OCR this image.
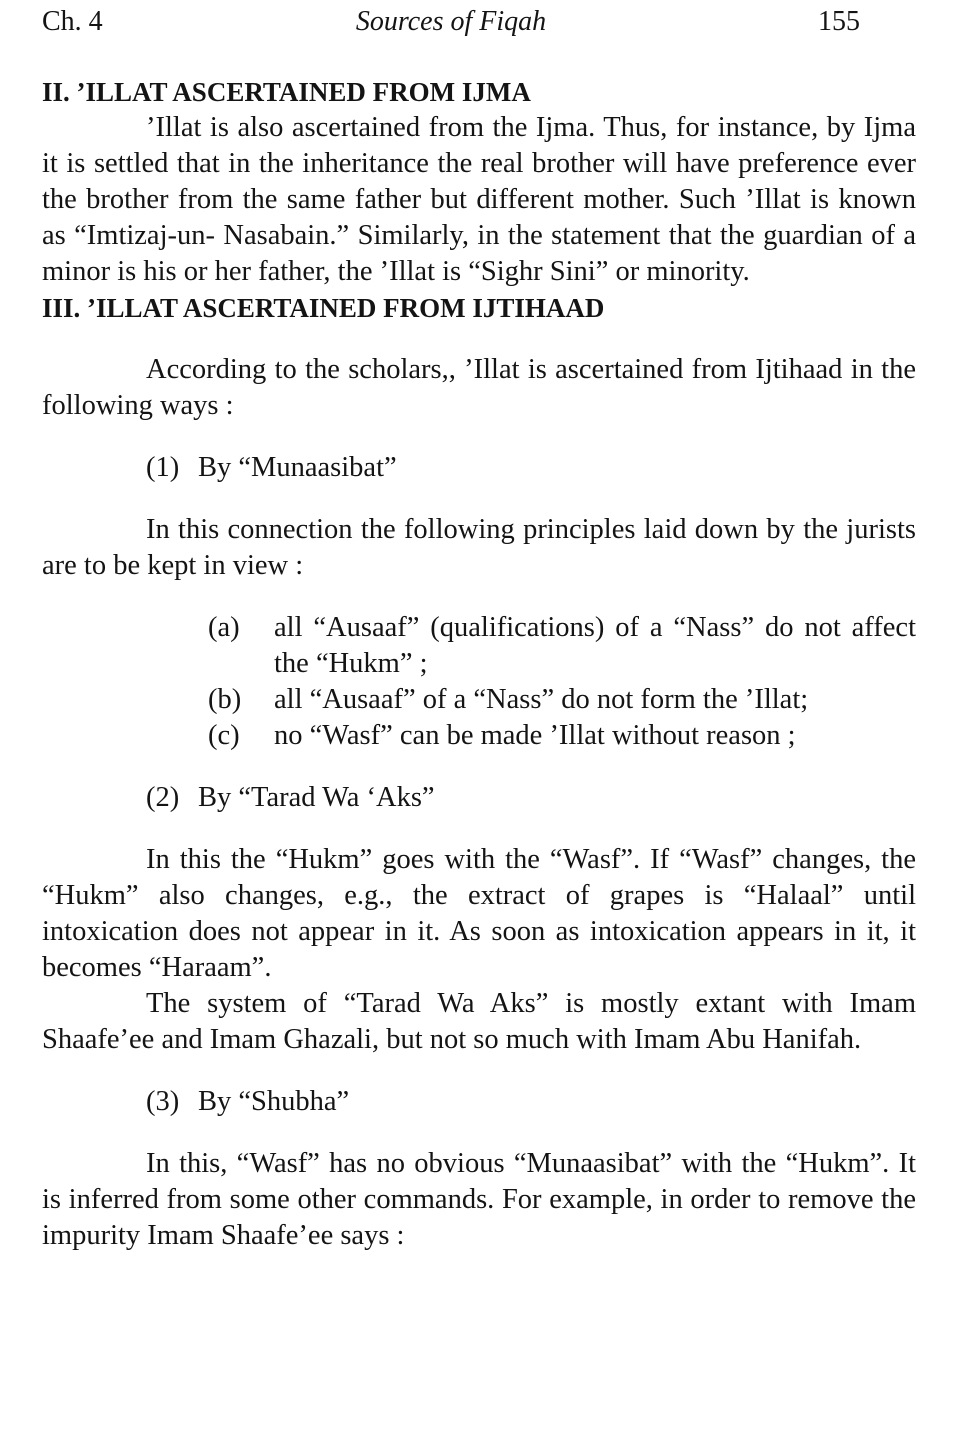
Ch. 4	Sources of Fiqah	155
II. ’ILLAT ASCERTAINED FROM IJMA

’Illat is also ascertained from the Ijma. Thus, for instance, by Ijma it is settled that in the inheritance the real brother will have preference ever the brother from the same father but different mother. Such ’Illat is known as “Imtizaj-un- Nasabain.” Similarly, in the statement that the guardian of a minor is his or her father, the ’Illat is “Sighr Sini” or minority.

III. ’ILLAT ASCERTAINED FROM IJTIHAAD

According to the scholars,, ’Illat is ascertained from Ijtihaad in the following ways :

(1) By “Munaasibat”

In this connection the following principles laid down by the jurists are to be kept in view :

(a) all “Ausaaf” (qualifications) of a “Nass” do not affect the “Hukm” ;
(b) all “Ausaaf” of a “Nass” do not form the ’Illat;
(c) no “Wasf” can be made ’Illat without reason ;

(2) By “Tarad Wa ‘Aks”

In this the “Hukm” goes with the “Wasf”. If “Wasf” changes, the “Hukm” also changes, e.g., the extract of grapes is “Halaal” until intoxication does not appear in it. As soon as intoxication appears in it, it becomes “Haraam”.

The system of “Tarad Wa Aks” is mostly extant with Imam Shaafe’ee and Imam Ghazali, but not so much with Imam Abu Hanifah.

(3) By “Shubha”

In this, “Wasf” has no obvious “Munaasibat” with the “Hukm”. It is inferred from some other commands. For example, in order to remove the impurity Imam Shaafe’ee says :
